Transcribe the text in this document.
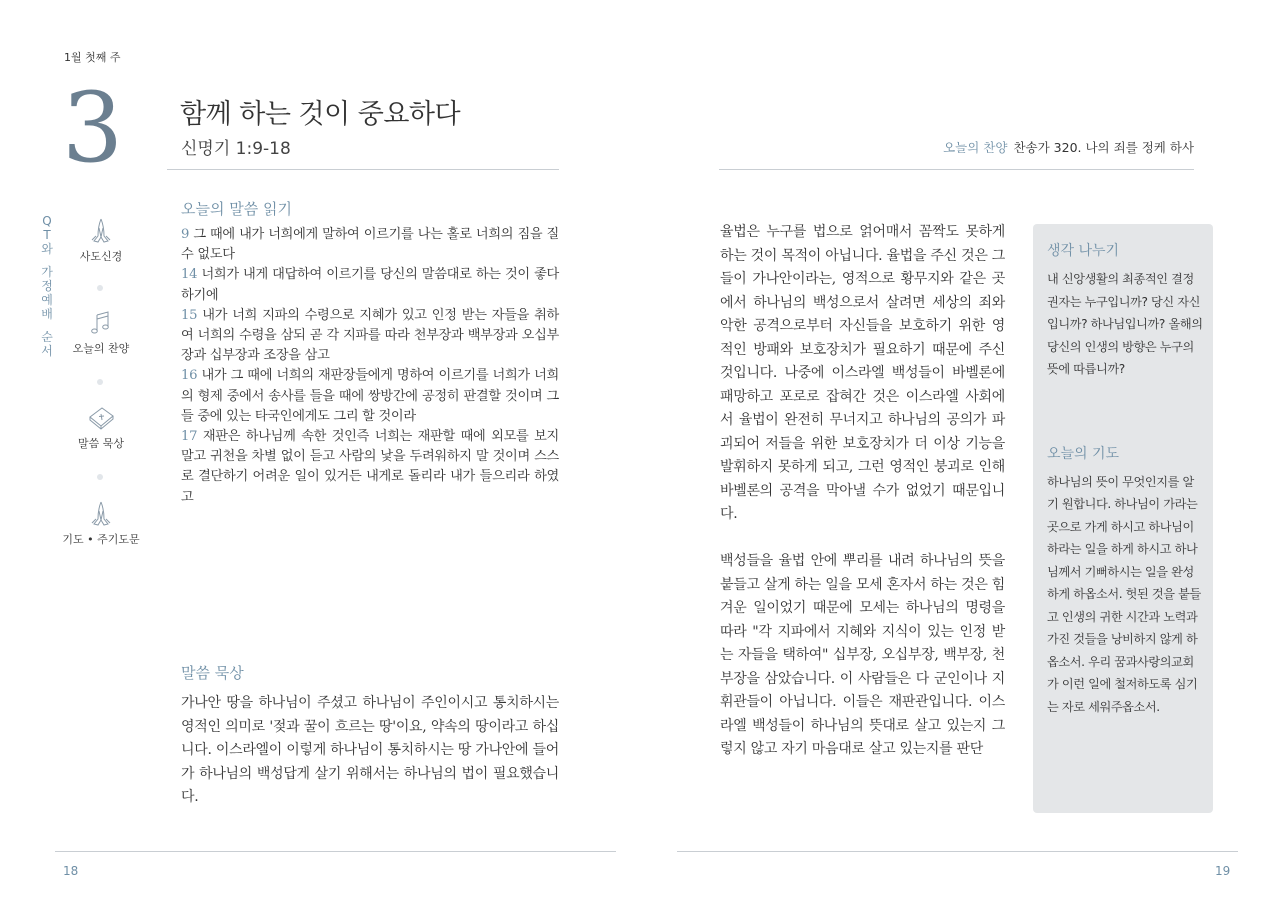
1월 첫째 주
3
Q
T
와
가
정
예
배
순
서
사도신경
오늘의 찬양
말씀 묵상
기도 • 주기도문
함께 하는 것이 중요하다
신명기 1:9-18
오늘의 말씀 읽기
9 그 때에 내가 너희에게 말하여 이르기를 나는 홀로 너희의 짐을 질 수 없도다
14 너희가 내게 대답하여 이르기를 당신의 말씀대로 하는 것이 좋다 하기에
15 내가 너희 지파의 수령으로 지혜가 있고 인정 받는 자들을 취하여 너희의 수령을 삼되 곧 각 지파를 따라 천부장과 백부장과 오십부장과 십부장과 조장을 삼고
16 내가 그 때에 너희의 재판장들에게 명하여 이르기를 너희가 너희의 형제 중에서 송사를 들을 때에 쌍방간에 공정히 판결할 것이며 그들 중에 있는 타국인에게도 그리 할 것이라
17 재판은 하나님께 속한 것인즉 너희는 재판할 때에 외모를 보지 말고 귀천을 차별 없이 듣고 사람의 낯을 두려워하지 말 것이며 스스로 결단하기 어려운 일이 있거든 내게로 돌리라 내가 들으리라 하였고
말씀 묵상
가나안 땅을 하나님이 주셨고 하나님이 주인이시고 통치하시는 영적인 의미로 '젖과 꿀이 흐르는 땅'이요, 약속의 땅이라고 하십니다. 이스라엘이 이렇게 하나님이 통치하시는 땅 가나안에 들어가 하나님의 백성답게 살기 위해서는 하나님의 법이 필요했습니다.
18
오늘의 찬양 찬송가 320. 나의 죄를 정케 하사

율법은 누구를 법으로 얽어매서 꼼짝도 못하게 하는 것이 목적이 아닙니다. 율법을 주신 것은 그들이 가나안이라는, 영적으로 황무지와 같은 곳에서 하나님의 백성으로서 살려면 세상의 죄와 악한 공격으로부터 자신들을 보호하기 위한 영적인 방패와 보호장치가 필요하기 때문에 주신 것입니다. 나중에 이스라엘 백성들이 바벨론에 패망하고 포로로 잡혀간 것은 이스라엘 사회에서 율법이 완전히 무너지고 하나님의 공의가 파괴되어 저들을 위한 보호장치가 더 이상 기능을 발휘하지 못하게 되고, 그런 영적인 붕괴로 인해 바벨론의 공격을 막아낼 수가 없었기 때문입니다.

백성들을 율법 안에 뿌리를 내려 하나님의 뜻을 붙들고 살게 하는 일을 모세 혼자서 하는 것은 힘겨운 일이었기 때문에 모세는 하나님의 명령을 따라 "각 지파에서 지혜와 지식이 있는 인정 받는 자들을 택하여" 십부장, 오십부장, 백부장, 천부장을 삼았습니다. 이 사람들은 다 군인이나 지휘관들이 아닙니다. 이들은 재판관입니다. 이스라엘 백성들이 하나님의 뜻대로 살고 있는지 그렇지 않고 자기 마음대로 살고 있는지를 판단

생각 나누기

내 신앙생활의 최종적인 결정권자는 누구입니까? 당신 자신입니까? 하나님입니까? 올해의 당신의 인생의 방향은 누구의 뜻에 따릅니까?

오늘의 기도

하나님의 뜻이 무엇인지를 알기 원합니다. 하나님이 가라는 곳으로 가게 하시고 하나님이 하라는 일을 하게 하시고 하나님께서 기뻐하시는 일을 완성하게 하옵소서. 헛된 것을 붙들고 인생의 귀한 시간과 노력과 가진 것들을 낭비하지 않게 하옵소서. 우리 꿈과사랑의교회가 이런 일에 철저하도록 심기는 자로 세워주옵소서.

19
